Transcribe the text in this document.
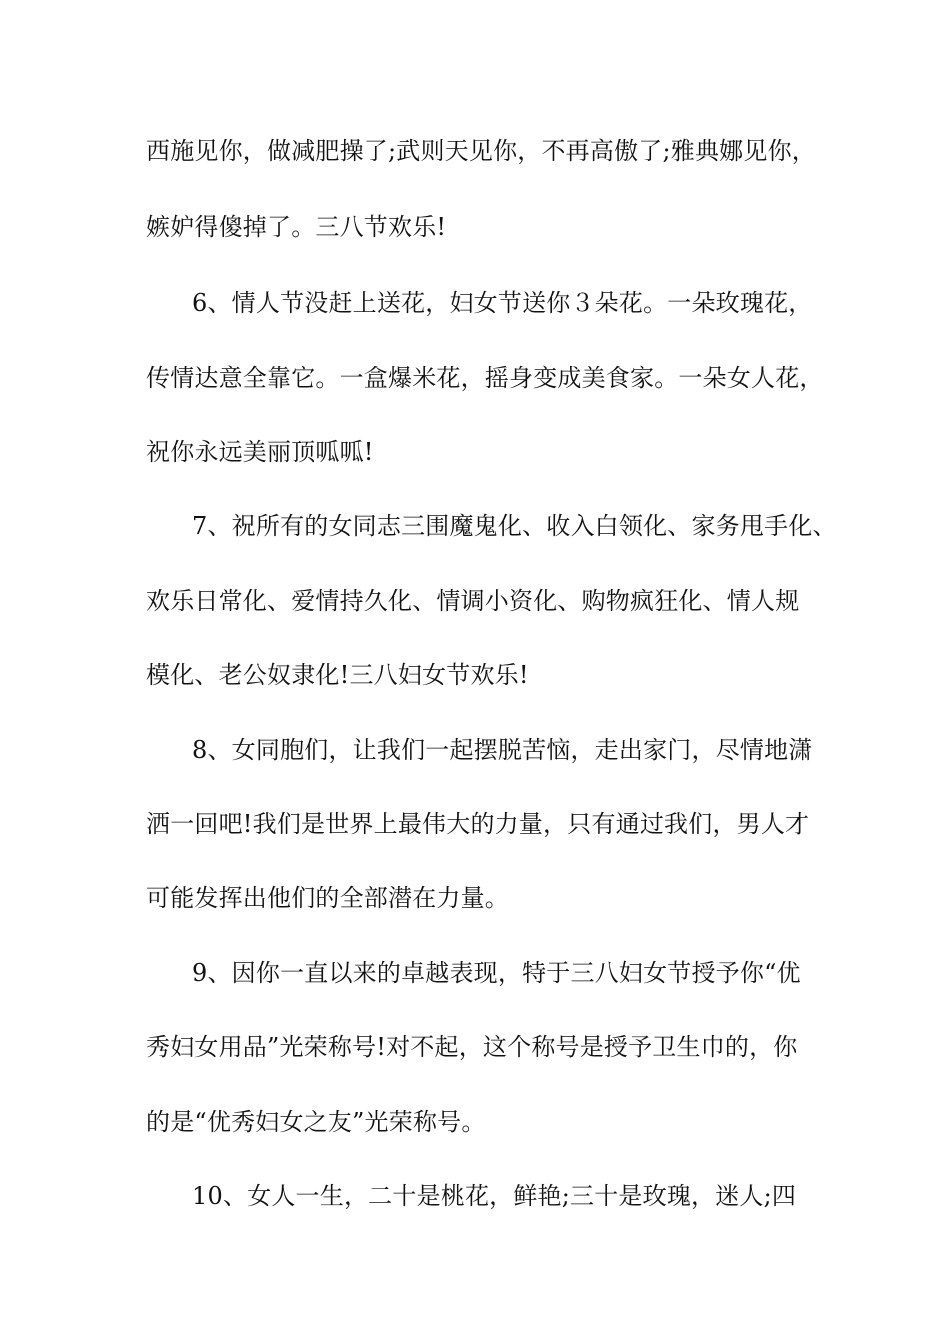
西施见你，做减肥操了;武则天见你，不再高傲了;雅典娜见你，
嫉妒得傻掉了。三八节欢乐!
6、情人节没赶上送花，妇女节送你３朵花。一朵玫瑰花，
传情达意全靠它。一盒爆米花，摇身变成美食家。一朵女人花，
祝你永远美丽顶呱呱!
7、祝所有的女同志三围魔鬼化、收入白领化、家务甩手化、
欢乐日常化、爱情持久化、情调小资化、购物疯狂化、情人规
模化、老公奴隶化!三八妇女节欢乐!
8、女同胞们，让我们一起摆脱苦恼，走出家门，尽情地潇
洒一回吧!我们是世界上最伟大的力量，只有通过我们，男人才
可能发挥出他们的全部潜在力量。
9、因你一直以来的卓越表现，特于三八妇女节授予你“优
秀妇女用品”光荣称号!对不起，这个称号是授予卫生巾的，你
的是“优秀妇女之友”光荣称号。
10、女人一生，二十是桃花，鲜艳;三十是玫瑰，迷人;四
